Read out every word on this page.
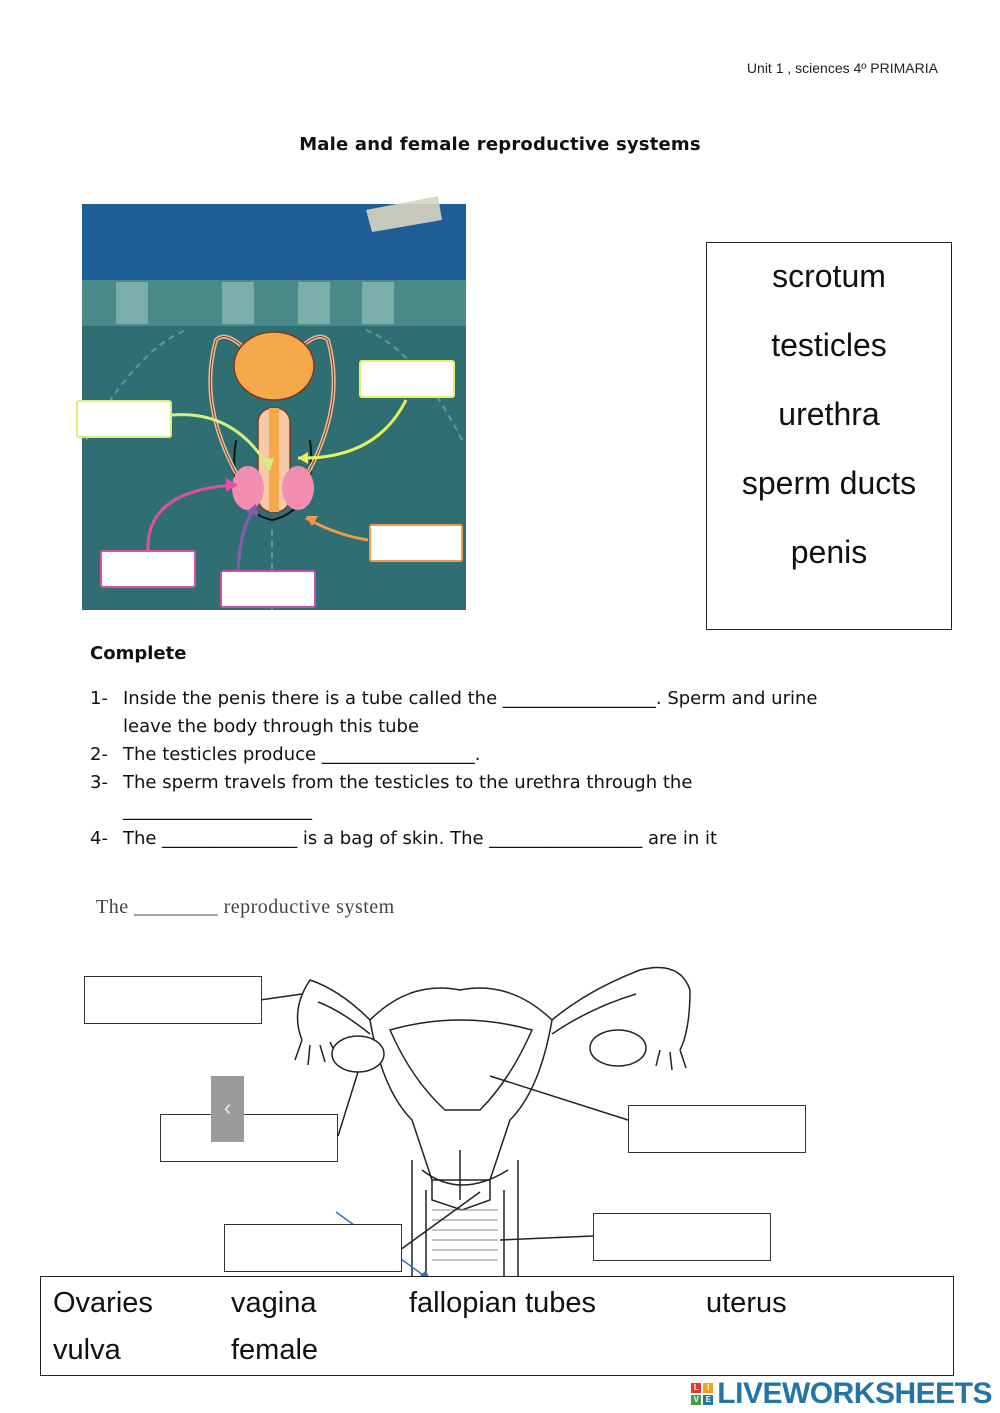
Unit 1 , sciences 4º PRIMARIA
Male and female reproductive systems
scrotum
testicles
urethra
sperm ducts
penis
Complete
1- Inside the penis there is a tube called the _________________. Sperm and urine
leave the body through this tube
2- The testicles produce _________________.
3- The sperm travels from the testicles to the urethra through the
_____________________
4- The _______________ is a bag of skin. The _________________ are in it
The ________ reproductive system
‹
Ovaries	vagina	fallopian tubes	uterus
vulva	female
L	I
V E LIVEWORKSHEETS
